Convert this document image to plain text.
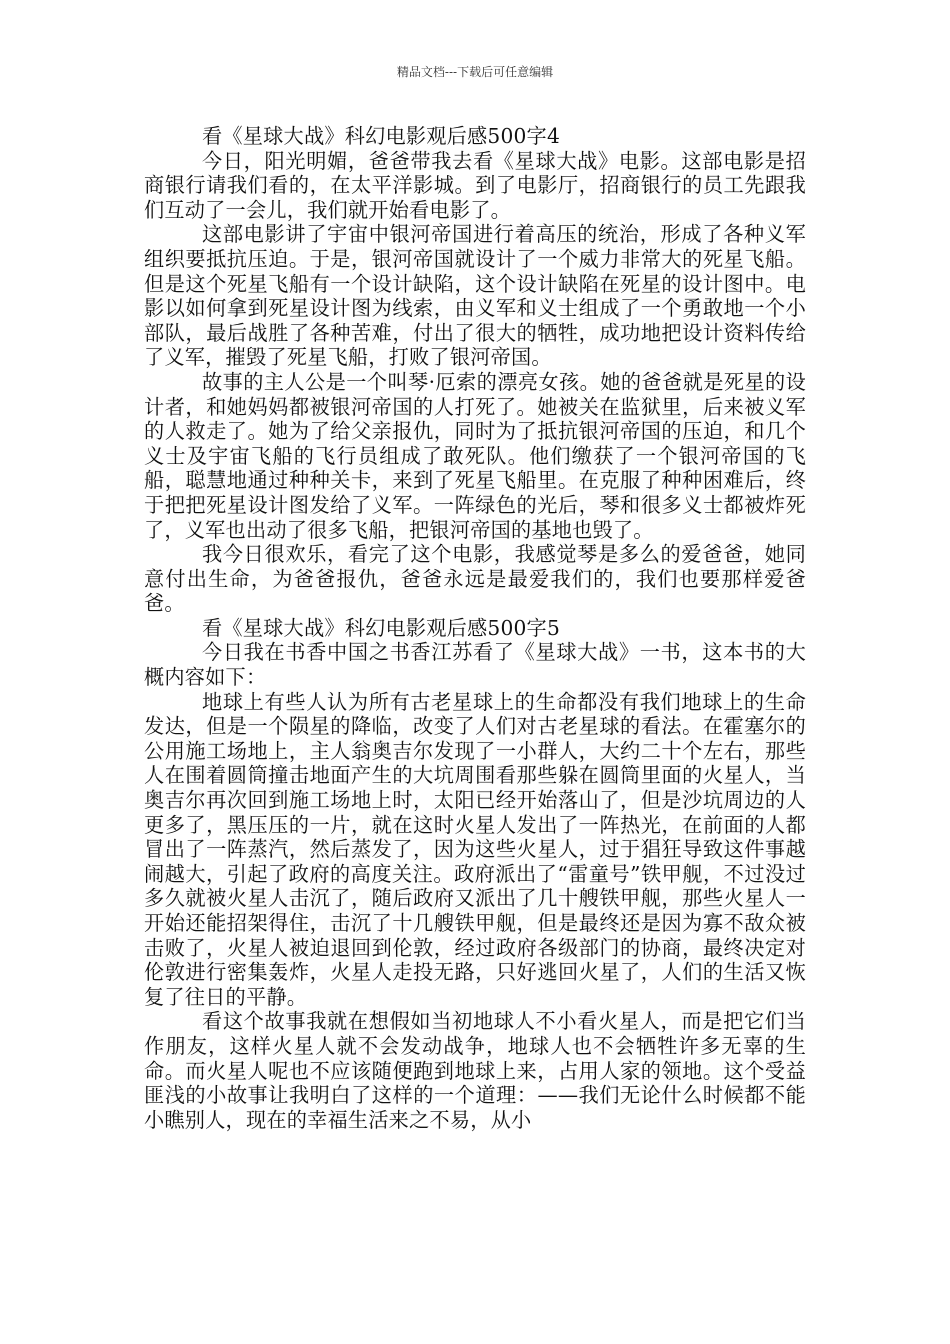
精品文档---下载后可任意编辑

看《星球大战》科幻电影观后感500字4

今日，阳光明媚，爸爸带我去看《星球大战》电影。这部电影是招商银行请我们看的，在太平洋影城。到了电影厅，招商银行的员工先跟我们互动了一会儿，我们就开始看电影了。

这部电影讲了宇宙中银河帝国进行着高压的统治，形成了各种义军组织要抵抗压迫。于是，银河帝国就设计了一个威力非常大的死星飞船。但是这个死星飞船有一个设计缺陷，这个设计缺陷在死星的设计图中。电影以如何拿到死星设计图为线索，由义军和义士组成了一个勇敢地一个小部队，最后战胜了各种苦难，付出了很大的牺牲，成功地把设计资料传给了义军，摧毁了死星飞船，打败了银河帝国。

故事的主人公是一个叫琴·厄索的漂亮女孩。她的爸爸就是死星的设计者，和她妈妈都被银河帝国的人打死了。她被关在监狱里，后来被义军的人救走了。她为了给父亲报仇，同时为了抵抗银河帝国的压迫，和几个义士及宇宙飞船的飞行员组成了敢死队。他们缴获了一个银河帝国的飞船，聪慧地通过种种关卡，来到了死星飞船里。在克服了种种困难后，终于把把死星设计图发给了义军。一阵绿色的光后，琴和很多义士都被炸死了，义军也出动了很多飞船，把银河帝国的基地也毁了。

我今日很欢乐，看完了这个电影，我感觉琴是多么的爱爸爸，她同意付出生命，为爸爸报仇，爸爸永远是最爱我们的，我们也要那样爱爸爸。

看《星球大战》科幻电影观后感500字5

今日我在书香中国之书香江苏看了《星球大战》一书，这本书的大概内容如下：

地球上有些人认为所有古老星球上的生命都没有我们地球上的生命发达，但是一个陨星的降临，改变了人们对古老星球的看法。在霍塞尔的公用施工场地上，主人翁奥吉尔发现了一小群人，大约二十个左右，那些人在围着圆筒撞击地面产生的大坑周围看那些躲在圆筒里面的火星人，当奥吉尔再次回到施工场地上时，太阳已经开始落山了，但是沙坑周边的人更多了，黑压压的一片，就在这时火星人发出了一阵热光，在前面的人都冒出了一阵蒸汽，然后蒸发了，因为这些火星人，过于猖狂导致这件事越闹越大，引起了政府的高度关注。政府派出了“雷童号”铁甲舰，不过没过多久就被火星人击沉了，随后政府又派出了几十艘铁甲舰，那些火星人一开始还能招架得住，击沉了十几艘铁甲舰，但是最终还是因为寡不敌众被击败了，火星人被迫退回到伦敦，经过政府各级部门的协商，最终决定对伦敦进行密集轰炸，火星人走投无路，只好逃回火星了，人们的生活又恢复了往日的平静。

看这个故事我就在想假如当初地球人不小看火星人，而是把它们当作朋友，这样火星人就不会发动战争，地球人也不会牺牲许多无辜的生命。而火星人呢也不应该随便跑到地球上来，占用人家的领地。这个受益匪浅的小故事让我明白了这样的一个道理：——我们无论什么时候都不能小瞧别人，现在的幸福生活来之不易，从小
